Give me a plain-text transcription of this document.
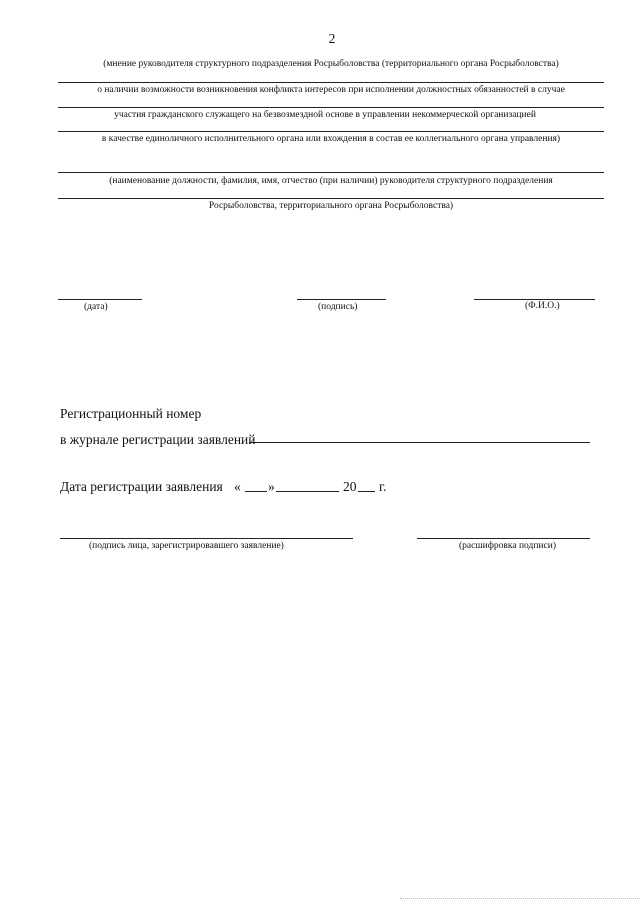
2
(мнение руководителя структурного подразделения Росрыболовства (территориального органа Росрыболовства)
о наличии возможности возникновения конфликта интересов при исполнении должностных обязанностей в случае
участия гражданского служащего на безвозмездной основе в управлении некоммерческой организацией
в качестве единоличного исполнительного органа или вхождения в состав ее коллегиального органа управления)
(наименование должности, фамилия, имя, отчество (при наличии) руководителя структурного подразделения
Росрыболовства, территориального органа Росрыболовства)
(дата)	(подпись)	(Ф.И.О.)
Регистрационный номер
в журнале регистрации заявлений
Дата регистрации заявления « »	20 г.
(подпись лица, зарегистрировавшего заявление)	(расшифровка подписи)
